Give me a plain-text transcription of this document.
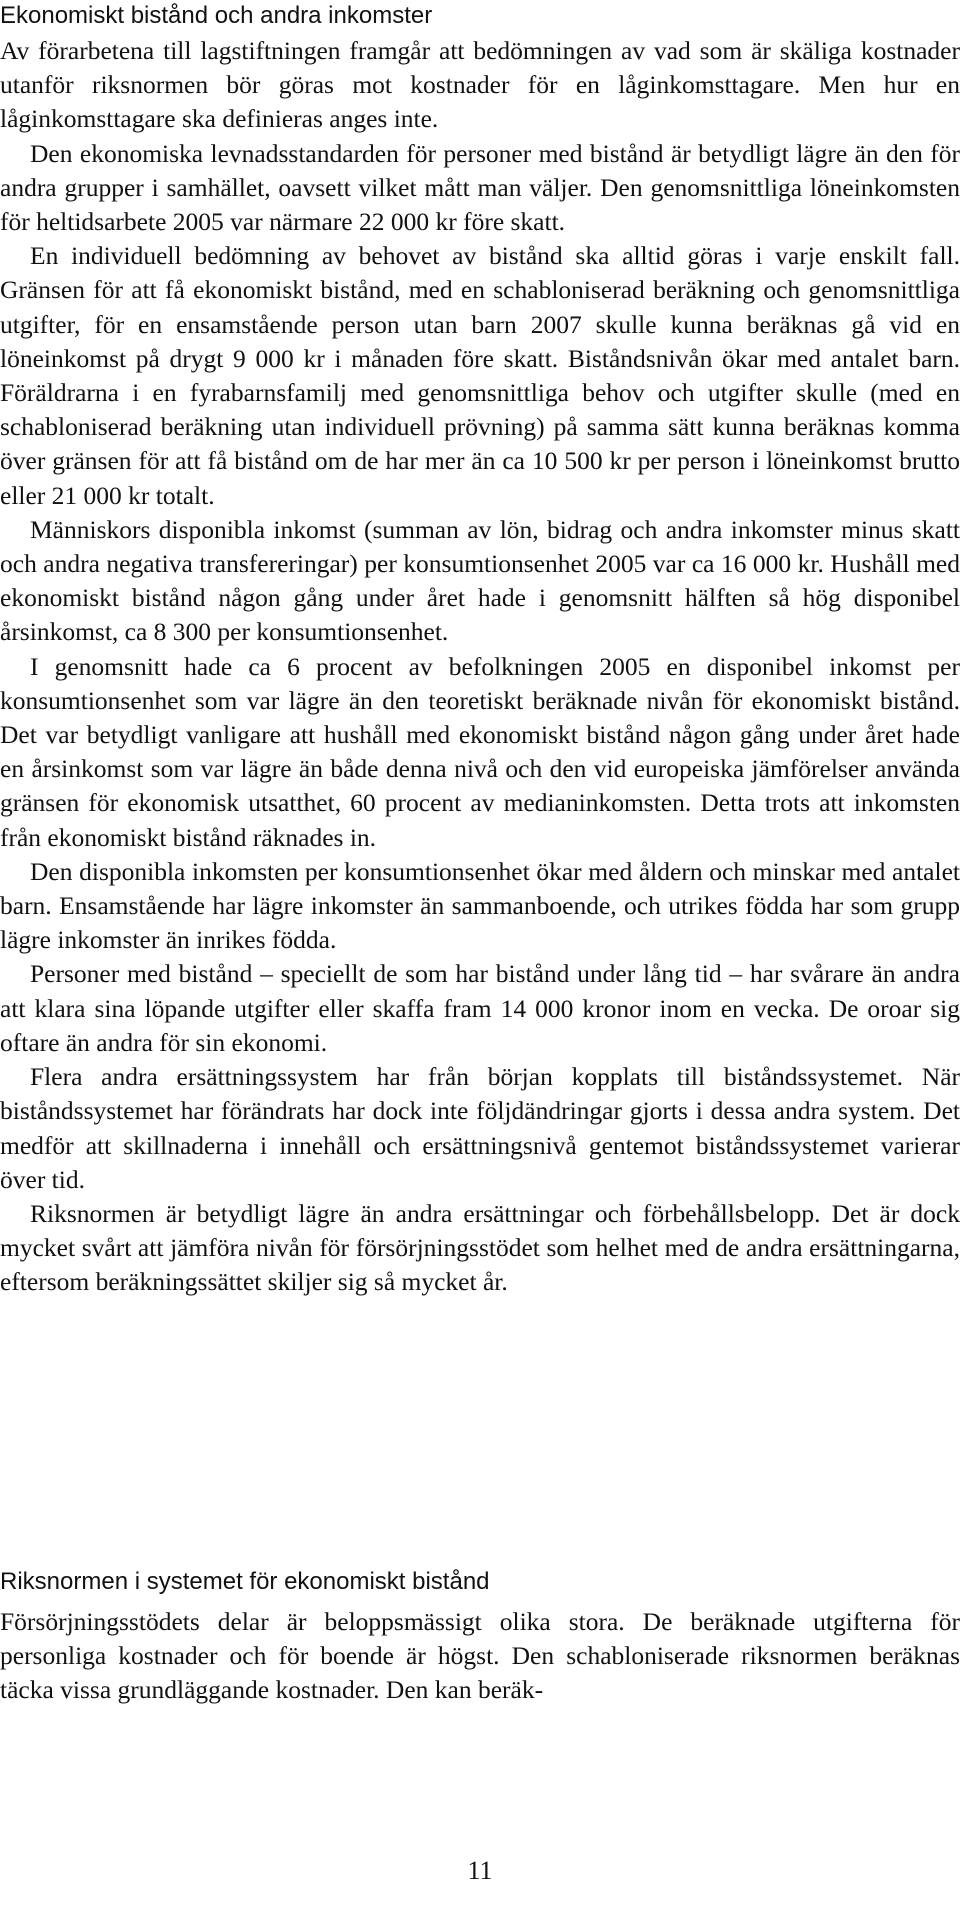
Ekonomiskt bistånd och andra inkomster

Av förarbetena till lagstiftningen framgår att bedömningen av vad som är skäliga kostnader utanför riksnormen bör göras mot kostnader för en låginkomsttagare. Men hur en låginkomsttagare ska definieras anges inte.

Den ekonomiska levnadsstandarden för personer med bistånd är betydligt lägre än den för andra grupper i samhället, oavsett vilket mått man väljer. Den genomsnittliga löneinkomsten för heltidsarbete 2005 var närmare 22 000 kr före skatt.

En individuell bedömning av behovet av bistånd ska alltid göras i varje enskilt fall. Gränsen för att få ekonomiskt bistånd, med en schabloniserad beräkning och genomsnittliga utgifter, för en ensamstående person utan barn 2007 skulle kunna beräknas gå vid en löneinkomst på drygt 9 000 kr i månaden före skatt. Biståndsnivån ökar med antalet barn. Föräldrarna i en fyrabarnsfamilj med genomsnittliga behov och utgifter skulle (med en schabloniserad beräkning utan individuell prövning) på samma sätt kunna beräknas komma över gränsen för att få bistånd om de har mer än ca 10 500 kr per person i löneinkomst brutto eller 21 000 kr totalt.

Människors disponibla inkomst (summan av lön, bidrag och andra inkomster minus skatt och andra negativa transfereringar) per konsumtionsenhet 2005 var ca 16 000 kr. Hushåll med ekonomiskt bistånd någon gång under året hade i genomsnitt hälften så hög disponibel årsinkomst, ca 8 300 per konsumtionsenhet.

I genomsnitt hade ca 6 procent av befolkningen 2005 en disponibel inkomst per konsumtionsenhet som var lägre än den teoretiskt beräknade nivån för ekonomiskt bistånd. Det var betydligt vanligare att hushåll med ekonomiskt bistånd någon gång under året hade en årsinkomst som var lägre än både denna nivå och den vid europeiska jämförelser använda gränsen för ekonomisk utsatthet, 60 procent av medianinkomsten. Detta trots att inkomsten från ekonomiskt bistånd räknades in.

Den disponibla inkomsten per konsumtionsenhet ökar med åldern och minskar med antalet barn. Ensamstående har lägre inkomster än sammanboende, och utrikes födda har som grupp lägre inkomster än inrikes födda.

Personer med bistånd – speciellt de som har bistånd under lång tid – har svårare än andra att klara sina löpande utgifter eller skaffa fram 14 000 kronor inom en vecka. De oroar sig oftare än andra för sin ekonomi.

Flera andra ersättningssystem har från början kopplats till biståndssystemet. När biståndssystemet har förändrats har dock inte följdändringar gjorts i dessa andra system. Det medför att skillnaderna i innehåll och ersättningsnivå gentemot biståndssystemet varierar över tid.

Riksnormen är betydligt lägre än andra ersättningar och förbehållsbelopp. Det är dock mycket svårt att jämföra nivån för försörjningsstödet som helhet med de andra ersättningarna, eftersom beräkningssättet skiljer sig så mycket år.

Riksnormen i systemet för ekonomiskt bistånd

Försörjningsstödets delar är beloppsmässigt olika stora. De beräknade utgifterna för personliga kostnader och för boende är högst. Den schabloniserade riksnormen beräknas täcka vissa grundläggande kostnader. Den kan beräk-

11
